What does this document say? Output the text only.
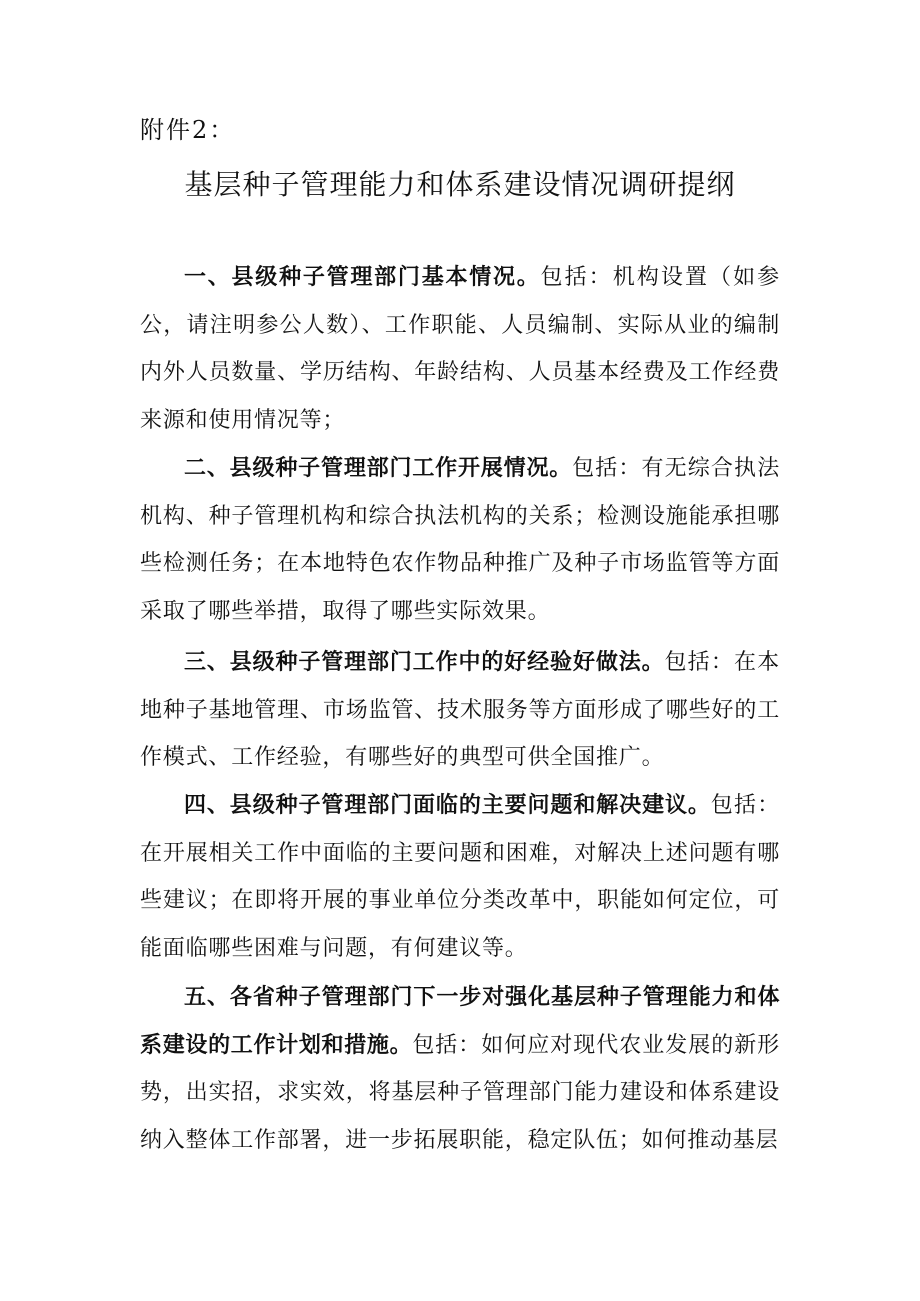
附件2：
基层种子管理能力和体系建设情况调研提纲

一、县级种子管理部门基本情况。包括：机构设置（如参公，请注明参公人数）、工作职能、人员编制、实际从业的编制内外人员数量、学历结构、年龄结构、人员基本经费及工作经费来源和使用情况等；

二、县级种子管理部门工作开展情况。包括：有无综合执法机构、种子管理机构和综合执法机构的关系；检测设施能承担哪些检测任务；在本地特色农作物品种推广及种子市场监管等方面采取了哪些举措，取得了哪些实际效果。

三、县级种子管理部门工作中的好经验好做法。包括：在本地种子基地管理、市场监管、技术服务等方面形成了哪些好的工作模式、工作经验，有哪些好的典型可供全国推广。

四、县级种子管理部门面临的主要问题和解决建议。包括：在开展相关工作中面临的主要问题和困难，对解决上述问题有哪些建议；在即将开展的事业单位分类改革中，职能如何定位，可能面临哪些困难与问题，有何建议等。

五、各省种子管理部门下一步对强化基层种子管理能力和体系建设的工作计划和措施。包括：如何应对现代农业发展的新形势，出实招，求实效，将基层种子管理部门能力建设和体系建设纳入整体工作部署，进一步拓展职能，稳定队伍；如何推动基层
